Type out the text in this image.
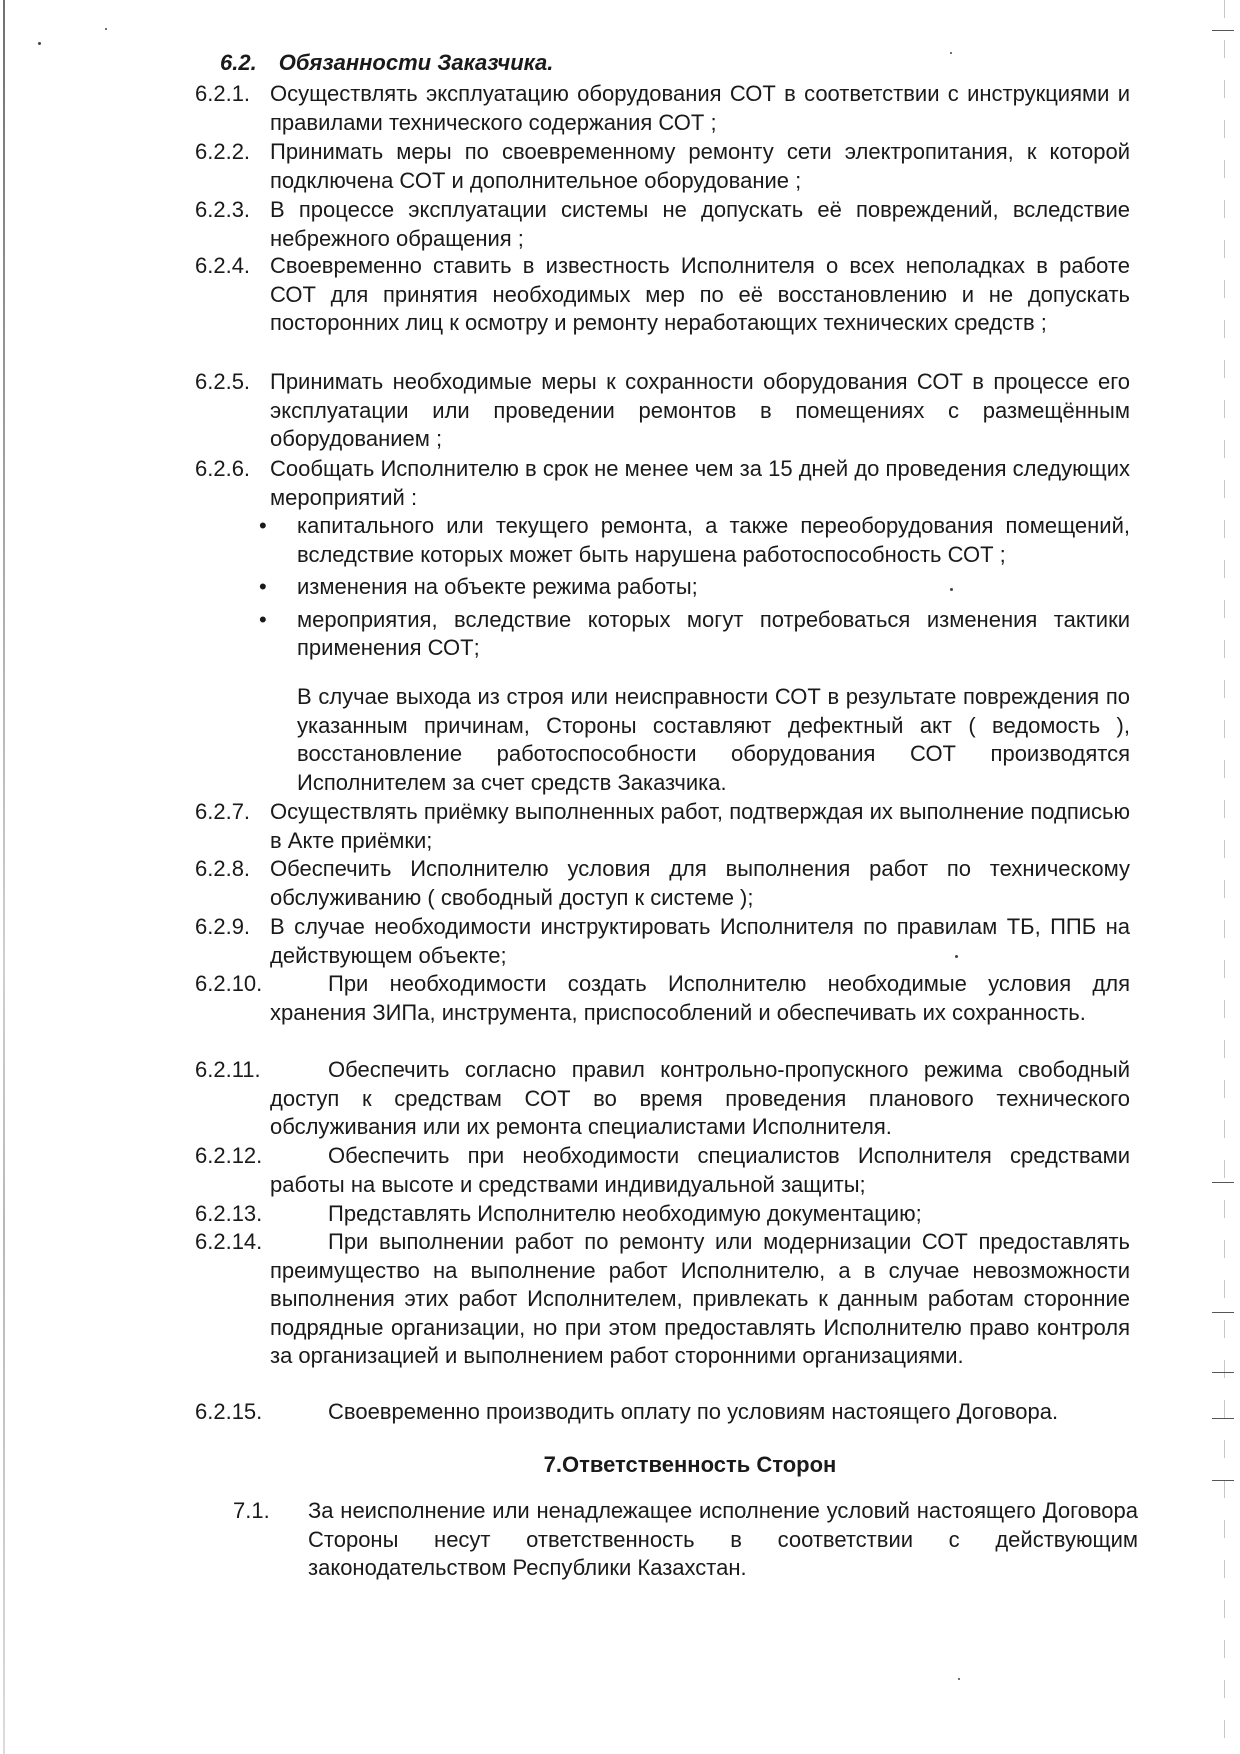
6.2. Обязанности Заказчика.
6.2.1. Осуществлять эксплуатацию оборудования СОТ в соответствии с инструкциями и правилами технического содержания СОТ ;
6.2.2. Принимать меры по своевременному ремонту сети электропитания, к которой подключена СОТ и дополнительное оборудование ;
6.2.3. В процессе эксплуатации системы не допускать её повреждений, вследствие небрежного обращения ;
6.2.4. Своевременно ставить в известность Исполнителя о всех неполадках в работе СОТ для принятия необходимых мер по её восстановлению и не допускать посторонних лиц к осмотру и ремонту неработающих технических средств ;
6.2.5. Принимать необходимые меры к сохранности оборудования СОТ в процессе его эксплуатации или проведении ремонтов в помещениях с размещённым оборудованием ;
6.2.6. Сообщать Исполнителю в срок не менее чем за 15 дней до проведения следующих мероприятий :
• капитального или текущего ремонта, а также переоборудования помещений, вследствие которых может быть нарушена работоспособность СОТ ;
• изменения на объекте режима работы;
• мероприятия, вследствие которых могут потребоваться изменения тактики применения СОТ;
В случае выхода из строя или неисправности СОТ в результате повреждения по указанным причинам, Стороны составляют дефектный акт ( ведомость ), восстановление работоспособности оборудования СОТ производятся Исполнителем за счет средств Заказчика.
6.2.7. Осуществлять приёмку выполненных работ, подтверждая их выполнение подписью в Акте приёмки;
6.2.8. Обеспечить Исполнителю условия для выполнения работ по техническому обслуживанию ( свободный доступ к системе );
6.2.9. В случае необходимости инструктировать Исполнителя по правилам ТБ, ППБ на действующем объекте;
6.2.10.	При необходимости создать Исполнителю необходимые условия для хранения ЗИПа, инструмента, приспособлений и обеспечивать их сохранность.
6.2.11.	Обеспечить согласно правил контрольно-пропускного режима свободный доступ к средствам СОТ во время проведения планового технического обслуживания или их ремонта специалистами Исполнителя.
6.2.12.	Обеспечить при необходимости специалистов Исполнителя средствами работы на высоте и средствами индивидуальной защиты;
6.2.13.	Представлять Исполнителю необходимую документацию;
6.2.14.	При выполнении работ по ремонту или модернизации СОТ предоставлять преимущество на выполнение работ Исполнителю, а в случае невозможности выполнения этих работ Исполнителем, привлекать к данным работам сторонние подрядные организации, но при этом предоставлять Исполнителю право контроля за организацией и выполнением работ сторонними организациями.
6.2.15.	Своевременно производить оплату по условиям настоящего Договора.
7.Ответственность Сторон
7.1. За неисполнение или ненадлежащее исполнение условий настоящего Договора Стороны несут ответственность в соответствии с действующим законодательством Республики Казахстан.
